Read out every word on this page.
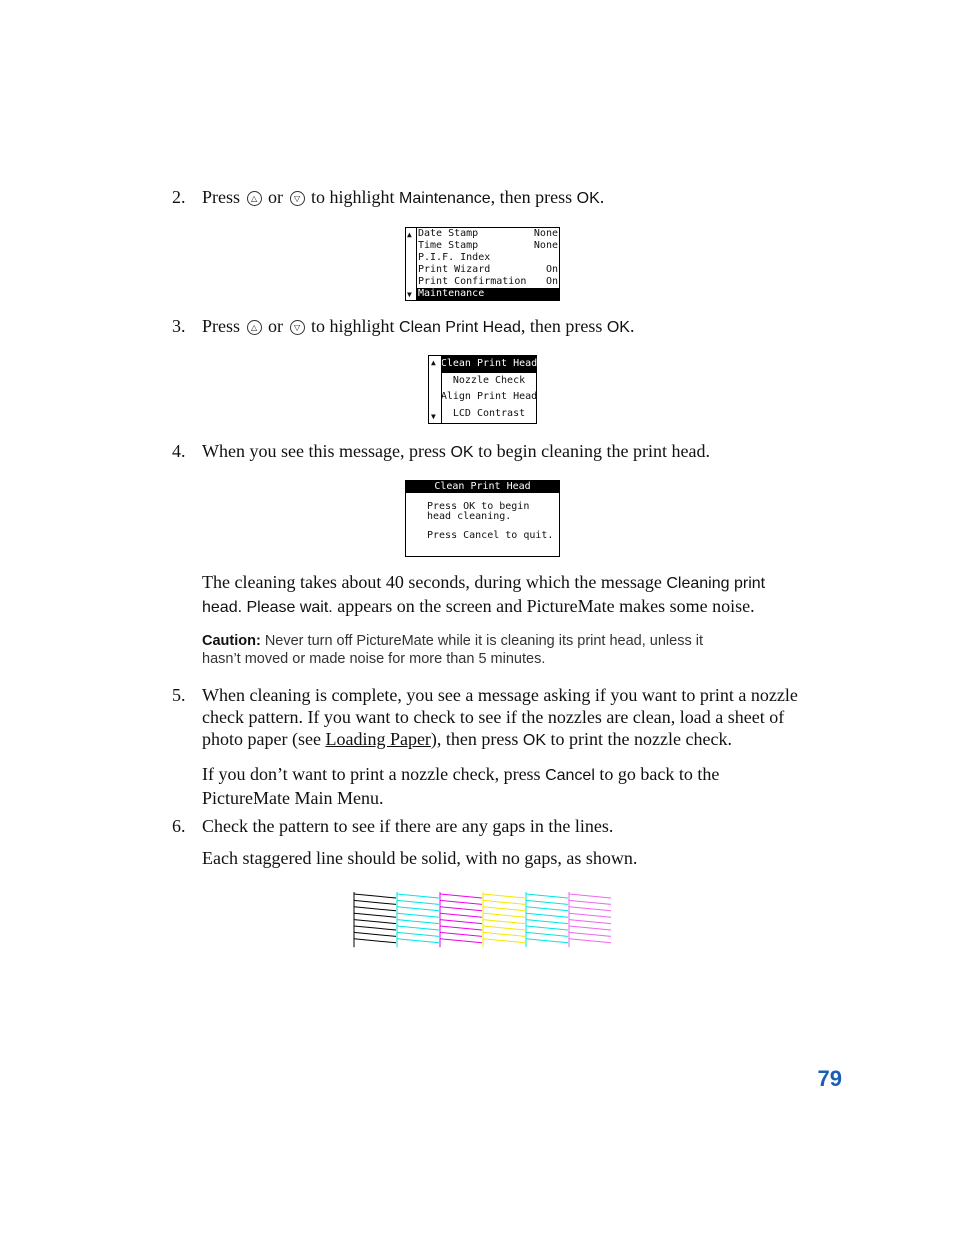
2. Press △ or ▽ to highlight Maintenance, then press OK.
▲
▼
Date Stamp	None
Time Stamp	None
P.I.F. Index
Print Wizard	On
Print Confirmation On
Maintenance
3. Press △ or ▽ to highlight Clean Print Head, then press OK.
▲
▼
Clean Print Head
Nozzle Check
Align Print Head
LCD Contrast
4. When you see this message, press OK to begin cleaning the print head.
Clean Print Head
Press OK to begin
head cleaning.
Press Cancel to quit.
The cleaning takes about 40 seconds, during which the message Cleaning print
head. Please wait. appears on the screen and PictureMate makes some noise.
Caution: Never turn off PictureMate while it is cleaning its print head, unless it
hasn’t moved or made noise for more than 5 minutes.
5. When cleaning is complete, you see a message asking if you want to print a nozzle
check pattern. If you want to check to see if the nozzles are clean, load a sheet of
photo paper (see Loading Paper), then press OK to print the nozzle check.
If you don’t want to print a nozzle check, press Cancel to go back to the
PictureMate Main Menu.
6. Check the pattern to see if there are any gaps in the lines.
Each staggered line should be solid, with no gaps, as shown.
79
